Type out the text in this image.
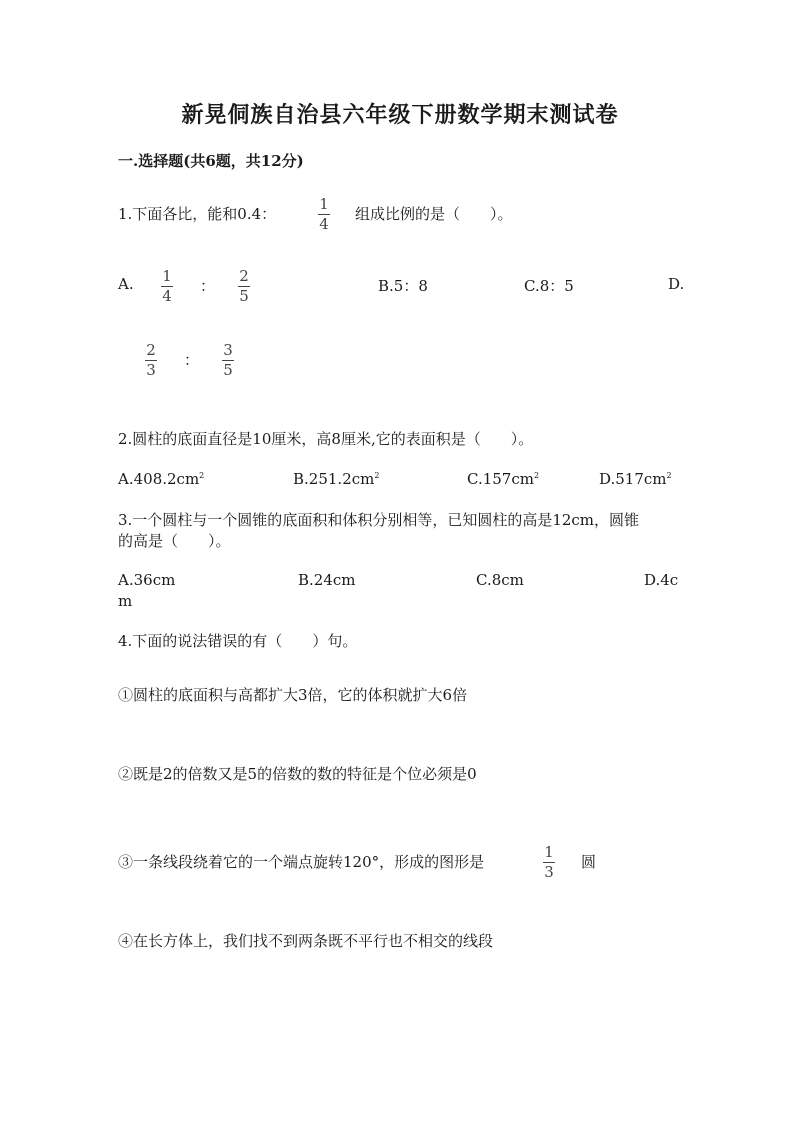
新晃侗族自治县六年级下册数学期末测试卷
一.选择题(共6题，共12分)
1.下面各比，能和0.4：
1
4
组成比例的是（　　）。
A. 1
4
：
2
5
B.5：8	C.8：5	D.
2
3
：
3
5
2.圆柱的底面直径是10厘米，高8厘米,它的表面积是（　　）。
$A.408.2cm^2$	$B.251.2cm^2$	$C.157cm^2$	$D.517cm^2$
3.一个圆柱与一个圆锥的底面积和体积分别相等，已知圆柱的高是12cm，圆锥
的高是（　　）。
A.36cm	B.24cm	C.8cm	D.4c
m
4.下面的说法错误的有（　　）句。
①圆柱的底面积与高都扩大3倍，它的体积就扩大6倍
②既是2的倍数又是5的倍数的数的特征是个位必须是0
③一条线段绕着它的一个端点旋转120°，形成的图形是
1
3
圆
④在长方体上，我们找不到两条既不平行也不相交的线段
